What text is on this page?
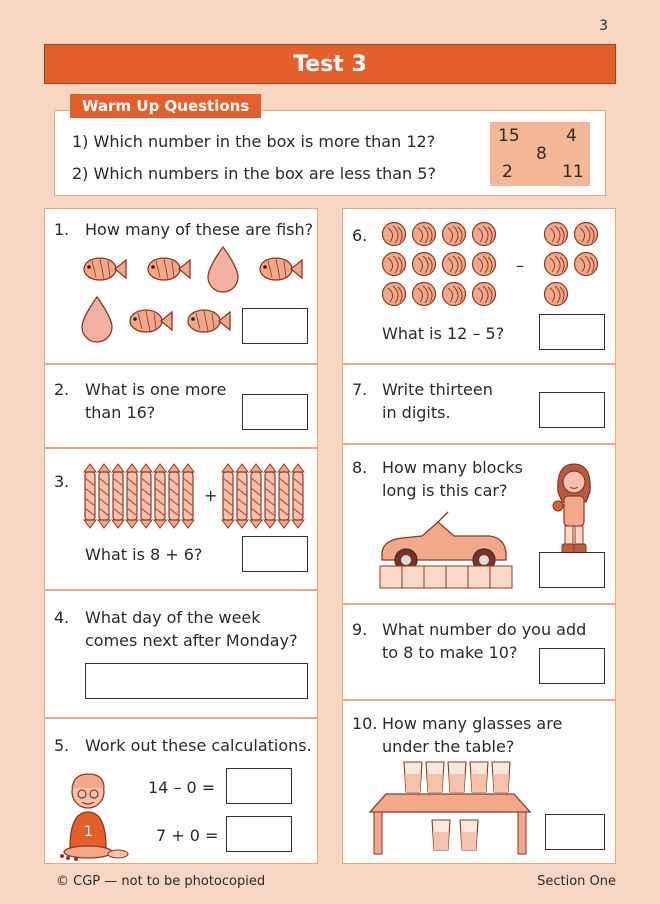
3
Test 3
Warm Up Questions
1) Which number in the box is more than 12?
2) Which numbers in the box are less than 5?
15	4
8
2	11
1. How many of these are fish?
2. What is one more
than 16?
3.
+
What is 8 + 6?
4. What day of the week
comes next after Monday?
5. Work out these calculations.
1
14 – 0 =
7 + 0 =
6.
–
What is 12 – 5?
7. Write thirteen
in digits.
8. How many blocks
long is this car?
9. What number do you add
to 8 to make 10?
10. How many glasses are
under the table?
© CGP — not to be photocopied	Section One
